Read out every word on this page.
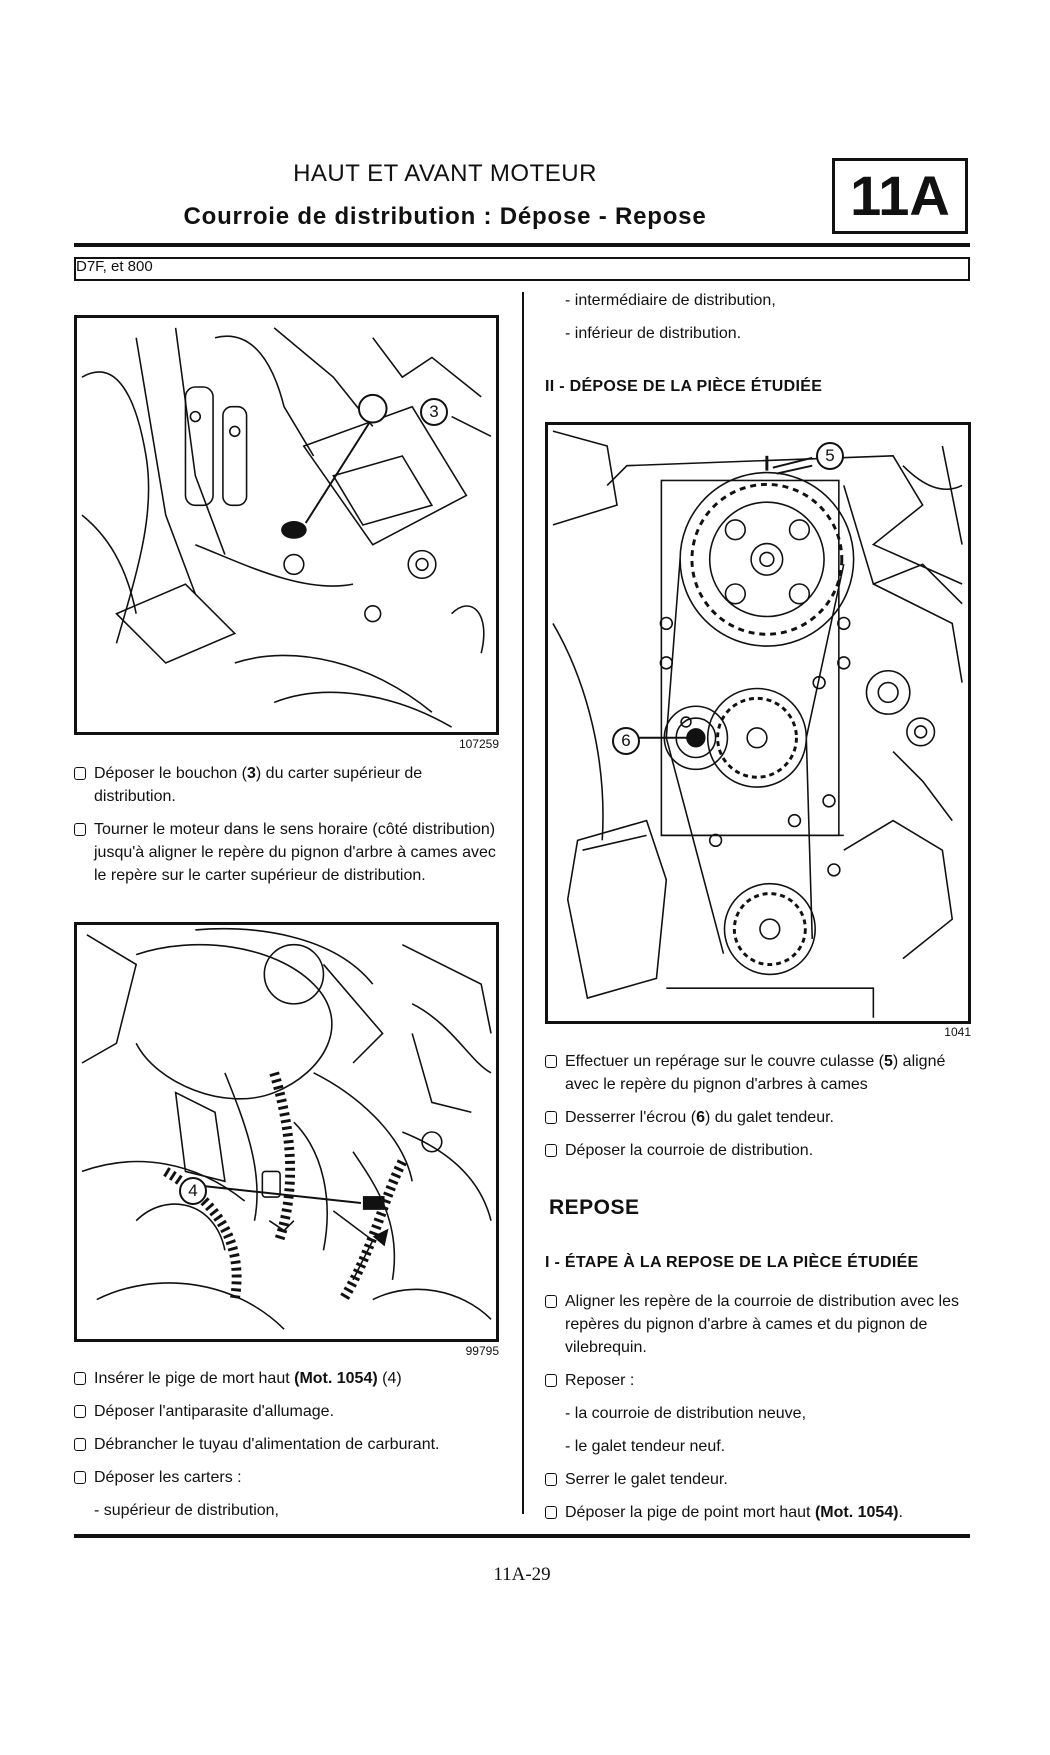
HAUT ET AVANT MOTEUR
Courroie de distribution : Dépose - Repose	11A
D7F, et 800
3
107259
Déposer le bouchon (3) du carter supérieur de distribution.
Tourner le moteur dans le sens horaire (côté distribution) jusqu'à aligner le repère du pignon d'arbre à cames avec le repère sur le carter supérieur de distribution.
4
99795
Insérer le pige de mort haut (Mot. 1054) (4)
Déposer l'antiparasite d'allumage.
Débrancher le tuyau d'alimentation de carburant.
Déposer les carters :
- supérieur de distribution,
- intermédiaire de distribution,
- inférieur de distribution.
II - DÉPOSE DE LA PIÈCE ÉTUDIÉE
5
6
1041
Effectuer un repérage sur le couvre culasse (5) aligné avec le repère du pignon d'arbres à cames
Desserrer l'écrou (6) du galet tendeur.
Déposer la courroie de distribution.
REPOSE
I - ÉTAPE À LA REPOSE DE LA PIÈCE ÉTUDIÉE
Aligner les repère de la courroie de distribution avec les repères du pignon d'arbre à cames et du pignon de vilebrequin.
Reposer :
- la courroie de distribution neuve,
- le galet tendeur neuf.
Serrer le galet tendeur.
Déposer la pige de point mort haut (Mot. 1054).
11A-29
